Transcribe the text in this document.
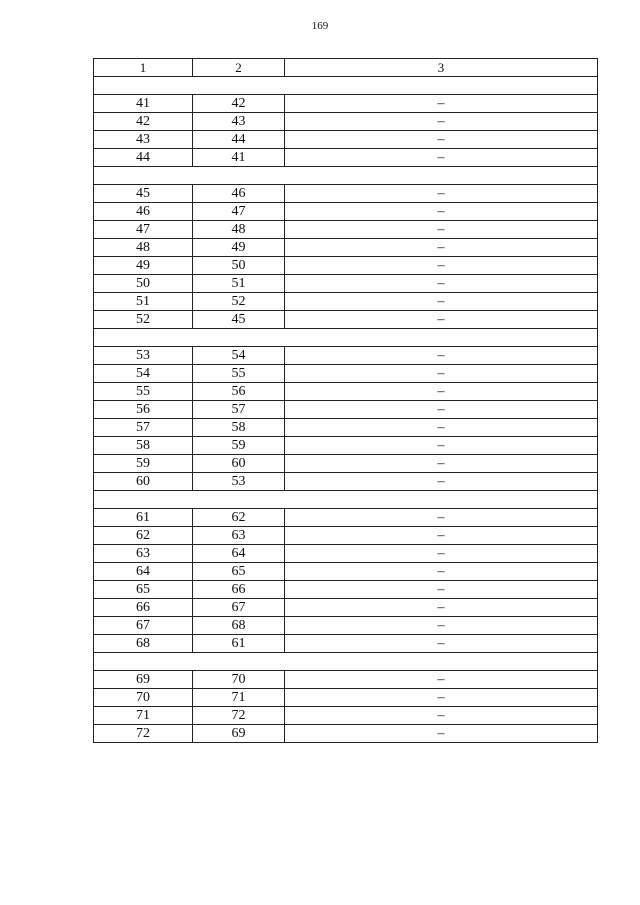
169
1	2	3

41	42	–
42	43	–
43	44	–
44	41	–

45	46	–
46	47	–
47	48	–
48	49	–
49	50	–
50	51	–
51	52	–
52	45	–

53	54	–
54	55	–
55	56	–
56	57	–
57	58	–
58	59	–
59	60	–
60	53	–

61	62	–
62	63	–
63	64	–
64	65	–
65	66	–
66	67	–
67	68	–
68	61	–

69	70	–
70	71	–
71	72	–
72	69	–
